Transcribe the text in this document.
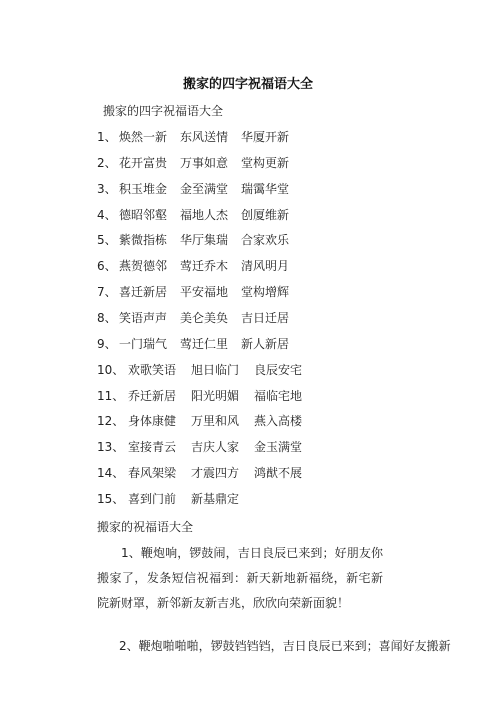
搬家的四字祝福语大全
搬家的四字祝福语大全
1、 焕然一新 东风送情 华厦开新
2、 花开富贵 万事如意 堂构更新
3、 积玉堆金 金至满堂 瑞霭华堂
4、 德昭邻壑 福地人杰 创厦维新
5、 紫微指栋 华厅集瑞 合家欢乐
6、 燕贺德邻 莺迁乔木 清风明月
7、 喜迁新居 平安福地 堂构增辉
8、 笑语声声 美仑美奂 吉日迁居
9、 一门瑞气 莺迁仁里 新人新居
10、 欢歌笑语 旭日临门 良辰安宅
11、 乔迁新居 阳光明媚 福临宅地
12、 身体康健 万里和风 燕入高楼
13、 室接青云 吉庆人家 金玉满堂
14、 春风架梁 才震四方 鸿猷不展
15、 喜到门前 新基鼎定
搬家的祝福语大全
1、鞭炮响，锣鼓闹，吉日良辰已来到；好朋友你搬家了，发条短信祝福到：新天新地新福绕，新宅新院新财罩，新邻新友新吉兆，欣欣向荣新面貌！
2、鞭炮啪啪啪，锣鼓铛铛铛，吉日良辰已来到；喜闻好友搬新
